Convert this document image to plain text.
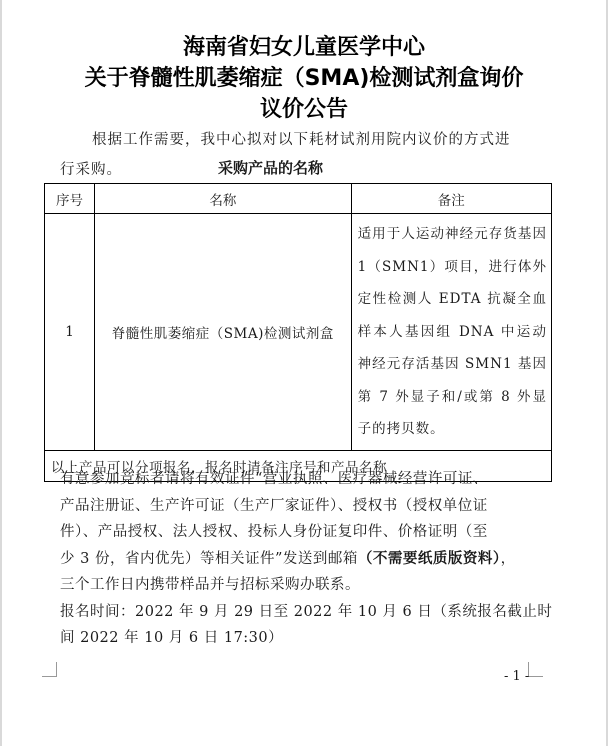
海南省妇女儿童医学中心
关于脊髓性肌萎缩症（SMA)检测试剂盒询价
议价公告
根据工作需要，我中心拟对以下耗材试剂用院内议价的方式进
行采购。	采购产品的名称
序号	名称	备注
1	脊髓性肌萎缩症（SMA)检测试剂盒	适用于人运动神经元存货基因 1（SMN1）项目，进行体外定性检测人 EDTA 抗凝全血样本人基因组 DNA 中运动神经元存活基因 SMN1 基因第 7 外显子和/或第 8 外显子的拷贝数。
以上产品可以分项报名，报名时请备注序号和产品名称		
有意参加竞标者请将有效证件“营业执照、医疗器械经营许可证、
产品注册证、生产许可证（生产厂家证件）、授权书（授权单位证
件）、产品授权、法人授权、投标人身份证复印件、价格证明（至
少 3 份，省内优先）等相关证件”发送到邮箱（不需要纸质版资料），
三个工作日内携带样品并与招标采购办联系。
报名时间：2022 年 9 月 29 日至 2022 年 10 月 6 日（系统报名截止时
间 2022 年 10 月 6 日 17:30）
- 1 -
